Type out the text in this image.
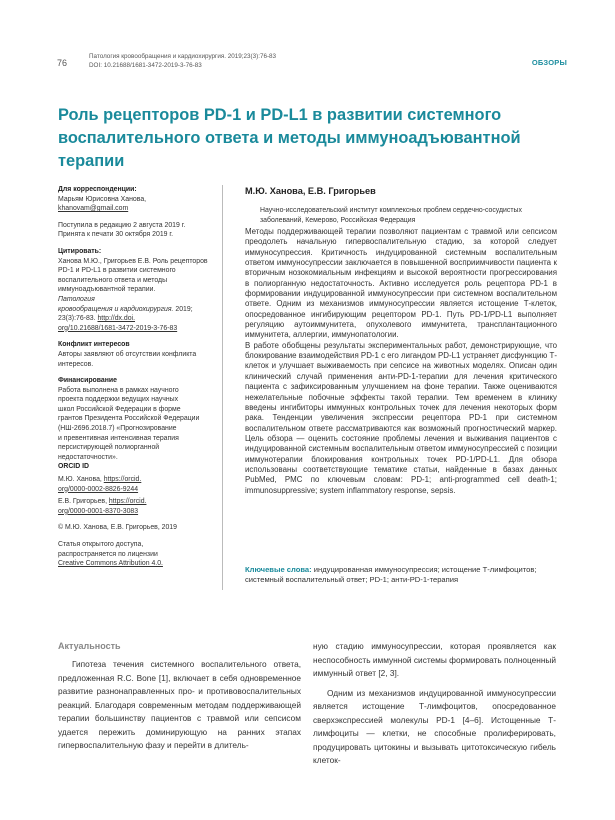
76
Патология кровообращения и кардиохирургия. 2019;23(3):76-83
DOI: 10.21688/1681-3472-2019-3-76-83	ОБЗОРЫ
Роль рецепторов PD-1 и PD-L1 в развитии системного
воспалительного ответа и методы иммуноадъювантной
терапии
Для корреспонденции:
Марьям Юрисовна Ханова,
khanovam@gmail.com
Поступила в редакцию 2 августа 2019 г.
Принята к печати 30 октября 2019 г.
Цитировать:
Ханова М.Ю., Григорьев Е.В. Роль рецепторов
PD-1 и PD-L1 в развитии системного
воспалительного ответа и методы
иммуноадъювантной терапии.
Патология
кровообращения и кардиохирургия. 2019;
23(3):76-83. http://dx.doi.
org/10.21688/1681-3472-2019-3-76-83
Конфликт интересов
Авторы заявляют об отсутствии конфликта
интересов.
Финансирование
Работа выполнена в рамках научного
проекта поддержки ведущих научных
школ Российской Федерации в форме
грантов Президента Российской Федерации
(НШ-2696.2018.7) «Прогнозирование
и превентивная интенсивная терапия
персистирующей полиорганной
недостаточности».
ORCID ID
М.Ю. Ханова, https://orcid.
org/0000-0002-8826-9244
Е.В. Григорьев, https://orcid.
org/0000-0001-8370-3083
© М.Ю. Ханова, Е.В. Григорьев, 2019
Статья открытого доступа,
распространяется по лицензии
Creative Commons Attribution 4.0.
М.Ю. Ханова, Е.В. Григорьев
Научно-исследовательский институт комплексных проблем сердечно-сосудистых
заболеваний, Кемерово, Российская Федерация

Методы поддерживающей терапии позволяют пациентам с травмой или сепсисом преодолеть начальную гипервоспалительную стадию, за которой следует иммуносупрессия. Критичность индуцированной системным воспалительным ответом иммуносупрессии заключается в повышенной восприимчивости пациента к вторичным нозокомиальным инфекциям и высокой вероятности прогрессирования в полиорганную недостаточность. Активно исследуется роль рецептора PD-1 в формировании индуцированной иммуносупрессии при системном воспалительном ответе. Одним из механизмов иммуносупрессии является истощение Т-клеток, опосредованное ингибирующим рецептором PD-1. Путь PD-1/PD-L1 выполняет регуляцию аутоиммунитета, опухолевого иммунитета, трансплантационного иммунитета, аллергии, иммунопатологии.

В работе обобщены результаты экспериментальных работ, демонстрирующие, что блокирование взаимодействия PD-1 с его лигандом PD-L1 устраняет дисфункцию Т-клеток и улучшает выживаемость при сепсисе на животных моделях. Описан один клинический случай применения анти-PD-1-терапии для лечения критического пациента с зафиксированным улучшением на фоне терапии. Также оцениваются нежелательные побочные эффекты такой терапии. Тем временем в клинику введены ингибиторы иммунных контрольных точек для лечения некоторых форм рака. Тенденции увеличения экспрессии рецептора PD-1 при системном воспалительном ответе рассматриваются как возможный прогностический маркер. Цель обзора — оценить состояние проблемы лечения и выживания пациентов с индуцированной системным воспалительным ответом иммуносупрессией с позиции иммунотерапии блокирования контрольных точек PD-1/PD-L1. Для обзора использованы соответствующие тематике статьи, найденные в базах данных PubMed, PMC по ключевым словам: PD-1; anti-programmed cell death-1; immunosuppressive; system inflammatory response, sepsis.

Ключевые слова: индуцированная иммуносупрессия; истощение Т-лимфоцитов; системный воспалительный ответ; PD-1; анти-PD-1-терапия
Актуальность

Гипотеза течения системного воспалительного ответа, предложенная R.C. Bone [1], включает в себя одновременное развитие разнонаправленных про- и противовоспалительных реакций. Благодаря современным методам поддерживающей терапии большинству пациентов с травмой или сепсисом удается пережить доминирующую на ранних этапах гипервоспалительную фазу и перейти в длитель-

ную стадию иммуносупрессии, которая проявляется как неспособность иммунной системы формировать полноценный иммунный ответ [2, 3].

Одним из механизмов индуцированной иммуносупрессии является истощение Т-лимфоцитов, опосредованное сверхэкспрессией молекулы PD-1 [4–6]. Истощенные Т-лимфоциты — клетки, не способные пролиферировать, продуцировать цитокины и вызывать цитотоксическую гибель клеток-
